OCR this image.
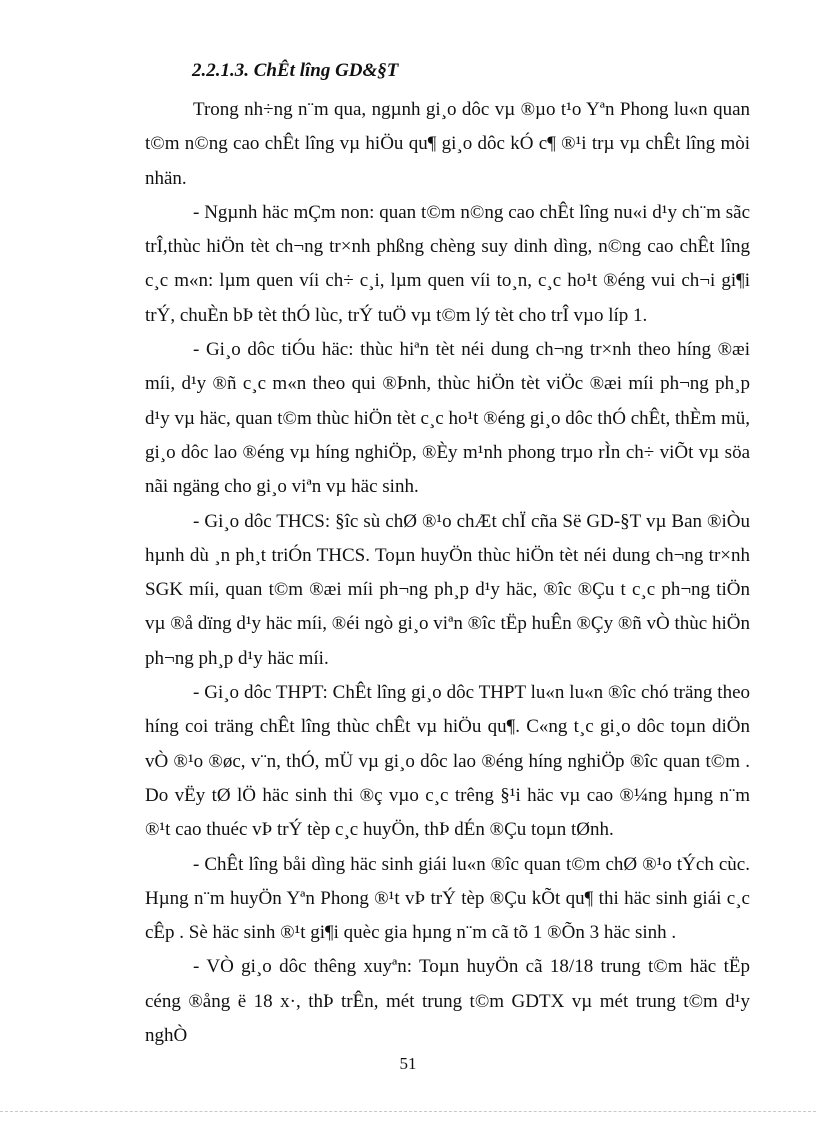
2.2.1.3. ChÊt lîng GD&§T

Trong nh÷ng n¨m qua, ngµnh gi¸o dôc vµ ®µo t¹o Yªn Phong lu«n quan t©m n©ng cao chÊt lîng vµ hiÖu qu¶ gi¸o dôc kÓ c¶ ®¹i trµ vµ chÊt lîng mòi nhän.

- Ngµnh häc mÇm non: quan t©m n©ng cao chÊt lîng nu«i d¹y ch¨m sãc trÎ,thùc hiÖn tèt ch¬ng tr×nh phßng chèng suy dinh dìng, n©ng cao chÊt lîng c¸c m«n: lµm quen víi ch÷ c¸i, lµm quen víi to¸n, c¸c ho¹t ®éng vui ch¬i gi¶i trÝ, chuÈn bÞ tèt thÓ lùc, trÝ tuÖ vµ t©m lý tèt cho trÎ vµo líp 1.

- Gi¸o dôc tiÓu häc: thùc hiªn tèt néi dung ch¬ng tr×nh theo híng ®æi míi, d¹y ®ñ c¸c m«n theo qui ®Þnh, thùc hiÖn tèt viÖc ®æi míi ph¬ng ph¸p d¹y vµ häc, quan t©m thùc hiÖn tèt c¸c ho¹t ®éng gi¸o dôc thÓ chÊt, thÈm mü, gi¸o dôc lao ®éng vµ híng nghiÖp, ®Èy m¹nh phong trµo rÌn ch÷ viÕt vµ söa nãi ngäng cho gi¸o viªn vµ häc sinh.

- Gi¸o dôc THCS: §îc sù chØ ®¹o chÆt chÏ cña Së GD-§T vµ Ban ®iÒu hµnh dù ¸n ph¸t triÓn THCS. Toµn huyÖn thùc hiÖn tèt néi dung ch¬ng tr×nh SGK míi, quan t©m ®æi míi ph¬ng ph¸p d¹y häc, ®îc ®Çu t c¸c ph¬ng tiÖn vµ ®å dïng d¹y häc míi, ®éi ngò gi¸o viªn ®îc tËp huÊn ®Çy ®ñ vÒ thùc hiÖn ph¬ng ph¸p d¹y häc míi.

- Gi¸o dôc THPT: ChÊt lîng gi¸o dôc THPT lu«n lu«n ®îc chó träng theo híng coi träng chÊt lîng thùc chÊt vµ hiÖu qu¶. C«ng t¸c gi¸o dôc toµn diÖn vÒ ®¹o ®øc, v¨n, thÓ, mÜ vµ gi¸o dôc lao ®éng híng nghiÖp ®îc quan t©m . Do vËy tØ lÖ häc sinh thi ®ç vµo c¸c trêng §¹i häc vµ cao ®¼ng hµng n¨m ®¹t cao thuéc vÞ trÝ tèp c¸c huyÖn, thÞ dÉn ®Çu toµn tØnh.

- ChÊt lîng båi dìng häc sinh giái lu«n ®îc quan t©m chØ ®¹o tÝch cùc. Hµng n¨m huyÖn Yªn Phong ®¹t vÞ trÝ tèp ®Çu kÕt qu¶ thi häc sinh giái c¸c cÊp . Sè häc sinh ®¹t gi¶i quèc gia hµng n¨m cã tõ 1 ®Õn 3 häc sinh .

- VÒ gi¸o dôc thêng xuyªn: Toµn huyÖn cã 18/18 trung t©m häc tËp céng ®ång ë 18 x·, thÞ trÊn, mét trung t©m GDTX vµ mét trung t©m d¹y nghÒ

51
